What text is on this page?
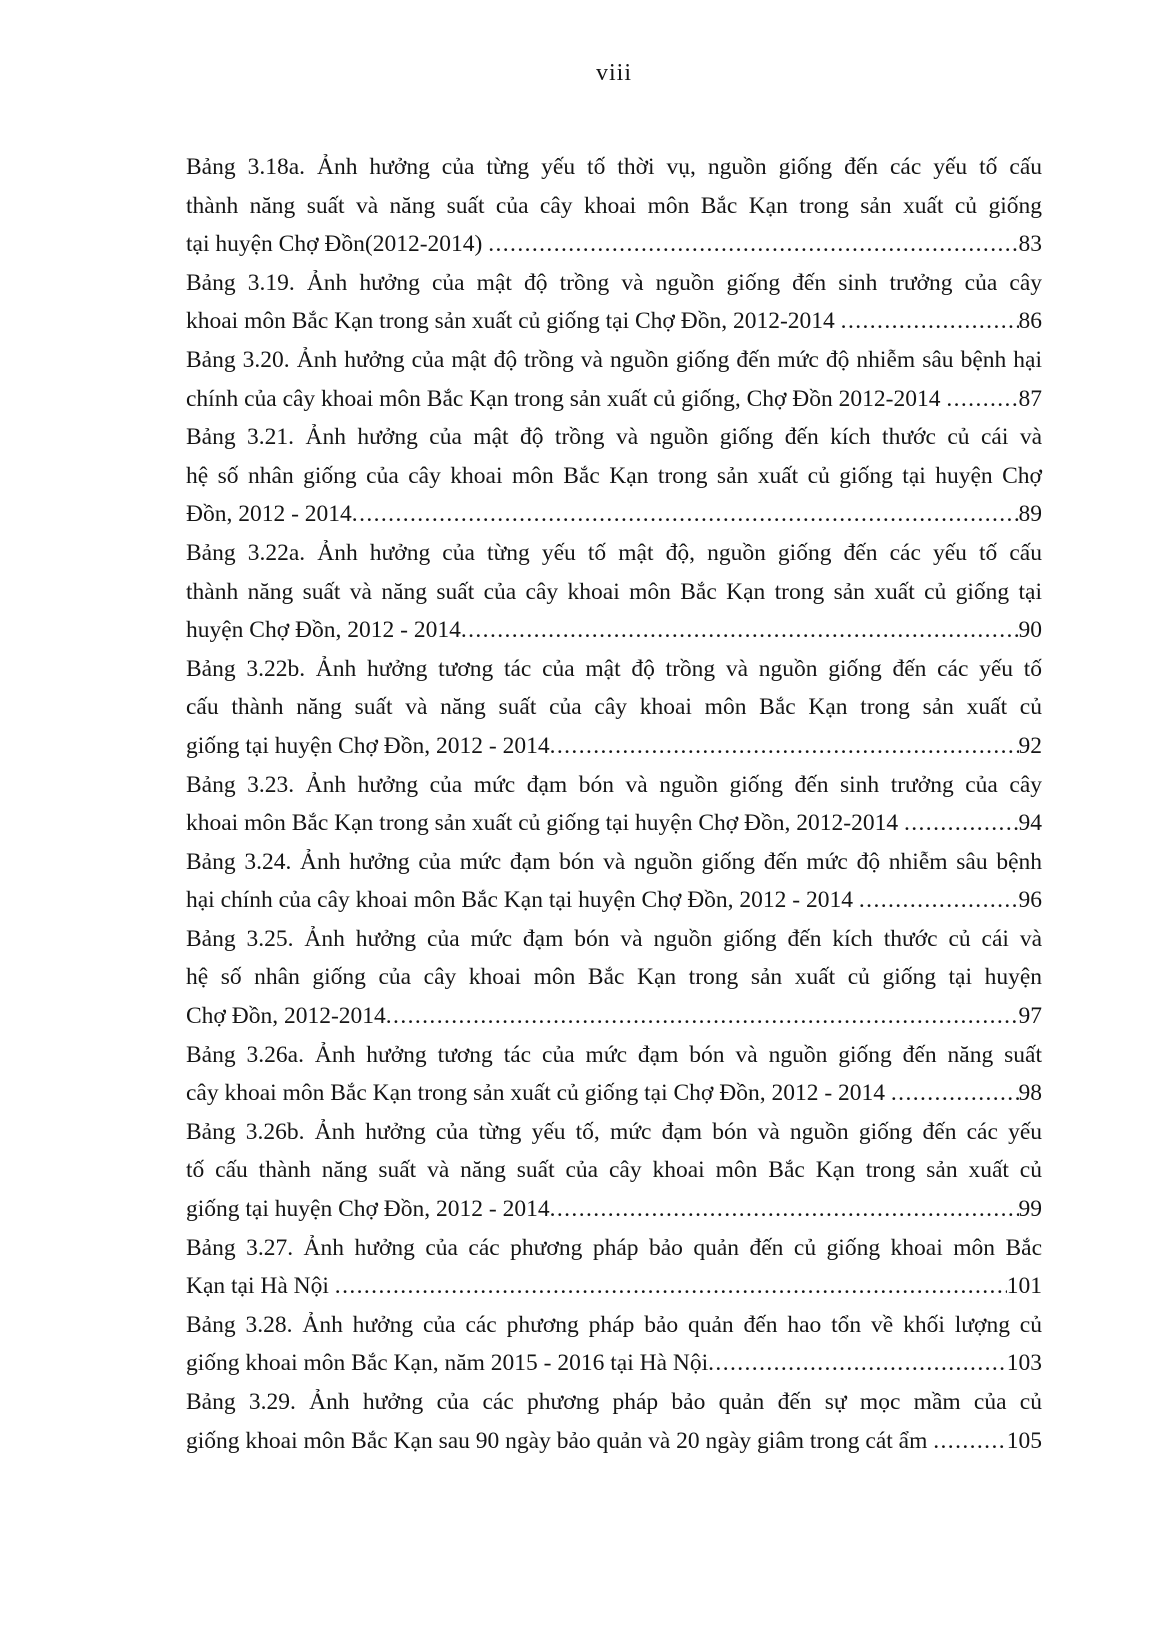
viii
Bảng 3.18a. Ảnh hưởng của từng yếu tố thời vụ, nguồn giống đến các yếu tố cấu
thành năng suất và năng suất của cây khoai môn Bắc Kạn trong sản xuất củ giống
tại huyện Chợ Đồn(2012-2014) .....	83
Bảng 3.19. Ảnh hưởng của mật độ trồng và nguồn giống đến sinh trưởng của cây
khoai môn Bắc Kạn trong sản xuất củ giống tại Chợ Đồn, 2012-2014 .....	86
Bảng 3.20. Ảnh hưởng của mật độ trồng và nguồn giống đến mức độ nhiễm sâu bệnh hại
chính của cây khoai môn Bắc Kạn trong sản xuất củ giống, Chợ Đồn 2012-2014 .....	87
Bảng 3.21. Ảnh hưởng của mật độ trồng và nguồn giống đến kích thước củ cái và
hệ số nhân giống của cây khoai môn Bắc Kạn trong sản xuất củ giống tại huyện Chợ
Đồn, 2012 - 2014 .....	89
Bảng 3.22a. Ảnh hưởng của từng yếu tố mật độ, nguồn giống đến các yếu tố cấu
thành năng suất và năng suất của cây khoai môn Bắc Kạn trong sản xuất củ giống tại
huyện Chợ Đồn, 2012 - 2014 .....	90
Bảng 3.22b. Ảnh hưởng tương tác của mật độ trồng và nguồn giống đến các yếu tố
cấu thành năng suất và năng suất của cây khoai môn Bắc Kạn trong sản xuất củ
giống tại huyện Chợ Đồn, 2012 - 2014 .....	92
Bảng 3.23. Ảnh hưởng của mức đạm bón và nguồn giống đến sinh trưởng của cây
khoai môn Bắc Kạn trong sản xuất củ giống tại huyện Chợ Đồn, 2012-2014 .....	94
Bảng 3.24. Ảnh hưởng của mức đạm bón và nguồn giống đến mức độ nhiễm sâu bệnh
hại chính của cây khoai môn Bắc Kạn tại huyện Chợ Đồn, 2012 - 2014 .....	96
Bảng 3.25. Ảnh hưởng của mức đạm bón và nguồn giống đến kích thước củ cái và
hệ số nhân giống của cây khoai môn Bắc Kạn trong sản xuất củ giống tại huyện
Chợ Đồn, 2012-2014 .....	97
Bảng 3.26a. Ảnh hưởng tương tác của mức đạm bón và nguồn giống đến năng suất
cây khoai môn Bắc Kạn trong sản xuất củ giống tại Chợ Đồn, 2012 - 2014 .....	98
Bảng 3.26b. Ảnh hưởng của từng yếu tố, mức đạm bón và nguồn giống đến các yếu
tố cấu thành năng suất và năng suất của cây khoai môn Bắc Kạn trong sản xuất củ
giống tại huyện Chợ Đồn, 2012 - 2014 .....	99
Bảng 3.27. Ảnh hưởng của các phương pháp bảo quản đến củ giống khoai môn Bắc
Kạn tại Hà Nội .....	101
Bảng 3.28. Ảnh hưởng của các phương pháp bảo quản đến hao tổn về khối lượng củ
giống khoai môn Bắc Kạn, năm 2015 - 2016 tại Hà Nội .....	103
Bảng 3.29. Ảnh hưởng của các phương pháp bảo quản đến sự mọc mầm của củ
giống khoai môn Bắc Kạn sau 90 ngày bảo quản và 20 ngày giâm trong cát ẩm .....	105
